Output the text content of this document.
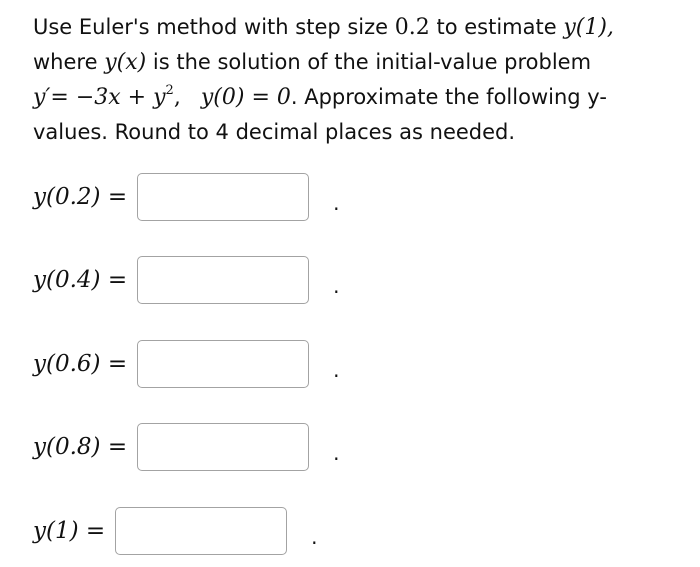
Use Euler's method with step size 0.2 to estimate y(1),
where y(x) is the solution of the initial-value problem
$y'= -3x + y^2$, y(0) = 0. Approximate the following y-values. Round to 4 decimal places as needed.

y(0.2) =	.
y(0.4) =	.
y(0.6) =	.
y(0.8) =	.
y(1) =	.
